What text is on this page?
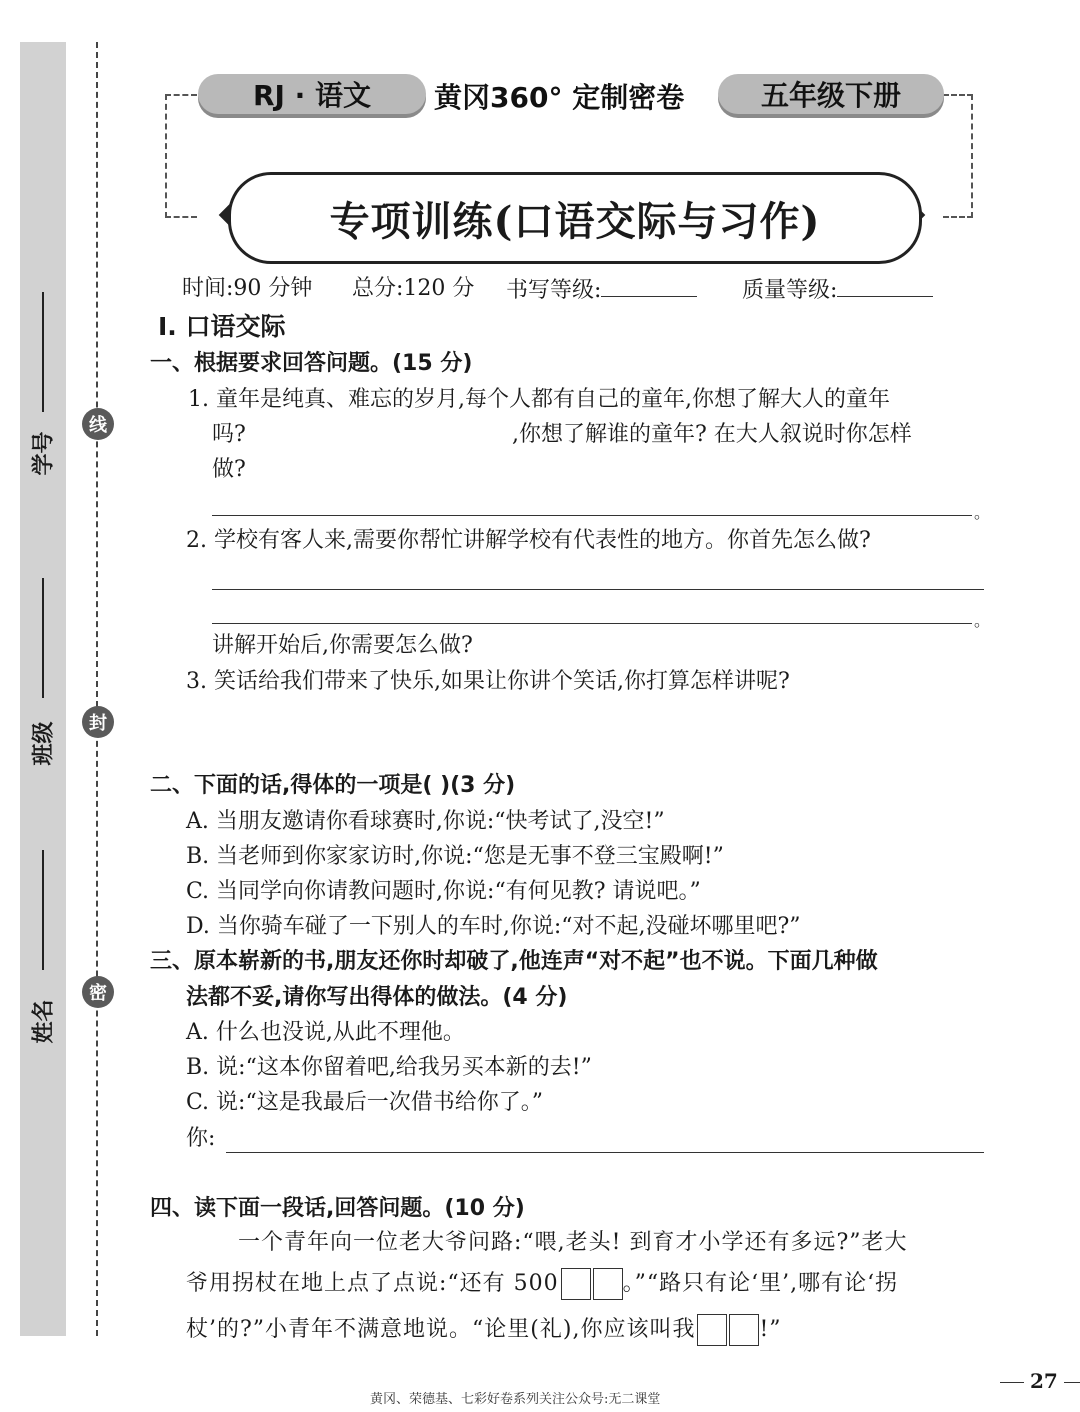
学号
班级
姓名
线
封
密
RJ · 语文	黄冈360° 定制密卷	五年级下册
专项训练(口语交际与习作)
时间:90 分钟 总分:120 分 书写等级:	质量等级:
Ⅰ. 口语交际
一、根据要求回答问题。(15 分)
1. 童年是纯真、难忘的岁月,每个人都有自己的童年,你想了解大人的童年
吗?	,你想了解谁的童年? 在大人叙说时你怎样
做?
。
2. 学校有客人来,需要你帮忙讲解学校有代表性的地方。你首先怎么做?
。
讲解开始后,你需要怎么做?
3. 笑话给我们带来了快乐,如果让你讲个笑话,你打算怎样讲呢?
二、下面的话,得体的一项是( )(3 分)
A. 当朋友邀请你看球赛时,你说:“快考试了,没空!”
B. 当老师到你家家访时,你说:“您是无事不登三宝殿啊!”
C. 当同学向你请教问题时,你说:“有何见教? 请说吧。”
D. 当你骑车碰了一下别人的车时,你说:“对不起,没碰坏哪里吧?”
三、原本崭新的书,朋友还你时却破了,他连声“对不起”也不说。下面几种做
法都不妥,请你写出得体的做法。(4 分)
A. 什么也没说,从此不理他。
B. 说:“这本你留着吧,给我另买本新的去!”
C. 说:“这是我最后一次借书给你了。”
你:
四、读下面一段话,回答问题。(10 分)
一个青年向一位老大爷问路:“喂,老头! 到育才小学还有多远?”老大
爷用拐杖在地上点了点说:“还有 500	。”“路只有论‘里’,哪有论‘拐
杖’的?”小青年不满意地说。“论里(礼),你应该叫我	!”
27
黄冈、荣德基、七彩好卷系列关注公众号:无二课堂
